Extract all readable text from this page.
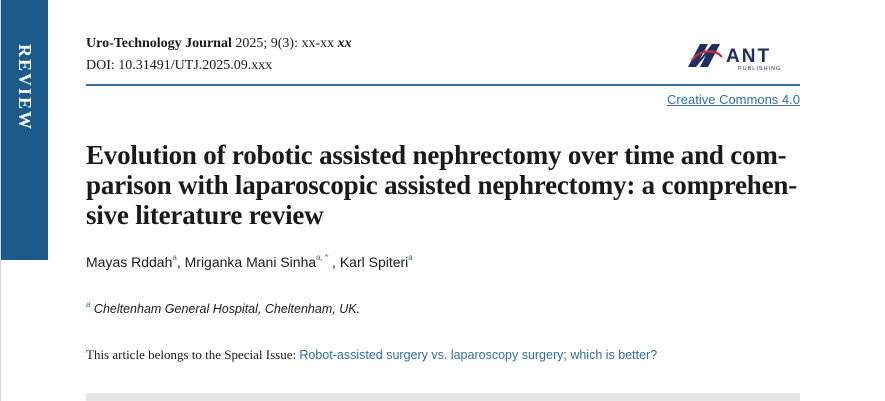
REVIEW
Uro-Technology Journal 2025; 9(3): xx-xx xx
DOI: 10.31491/UTJ.2025.09.xxx	ANT
PUBLISHING
Creative Commons 4.0
Evolution of robotic assisted nephrectomy over time and com-
parison with laparoscopic assisted nephrectomy: a comprehen-
sive literature review
Mayas Rddah$^a$, Mriganka Mani Sinha$^{a, *}$ , Karl Spiteri$^a$
$^a$ Cheltenham General Hospital, Cheltenham, UK.
This article belongs to the Special Issue: Robot-assisted surgery vs. laparoscopy surgery; which is better?
